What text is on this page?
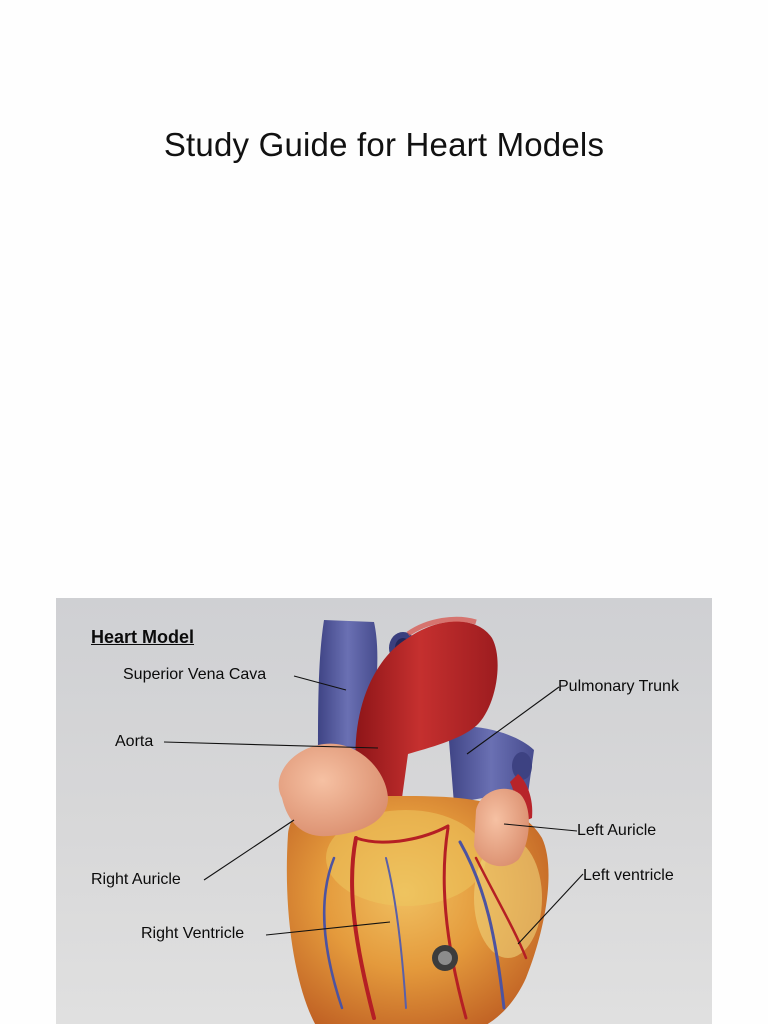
Study Guide for Heart Models
Heart Model
Superior Vena Cava
Aorta
Right Auricle
Right Ventricle
Pulmonary Trunk
Left Auricle
Left ventricle
